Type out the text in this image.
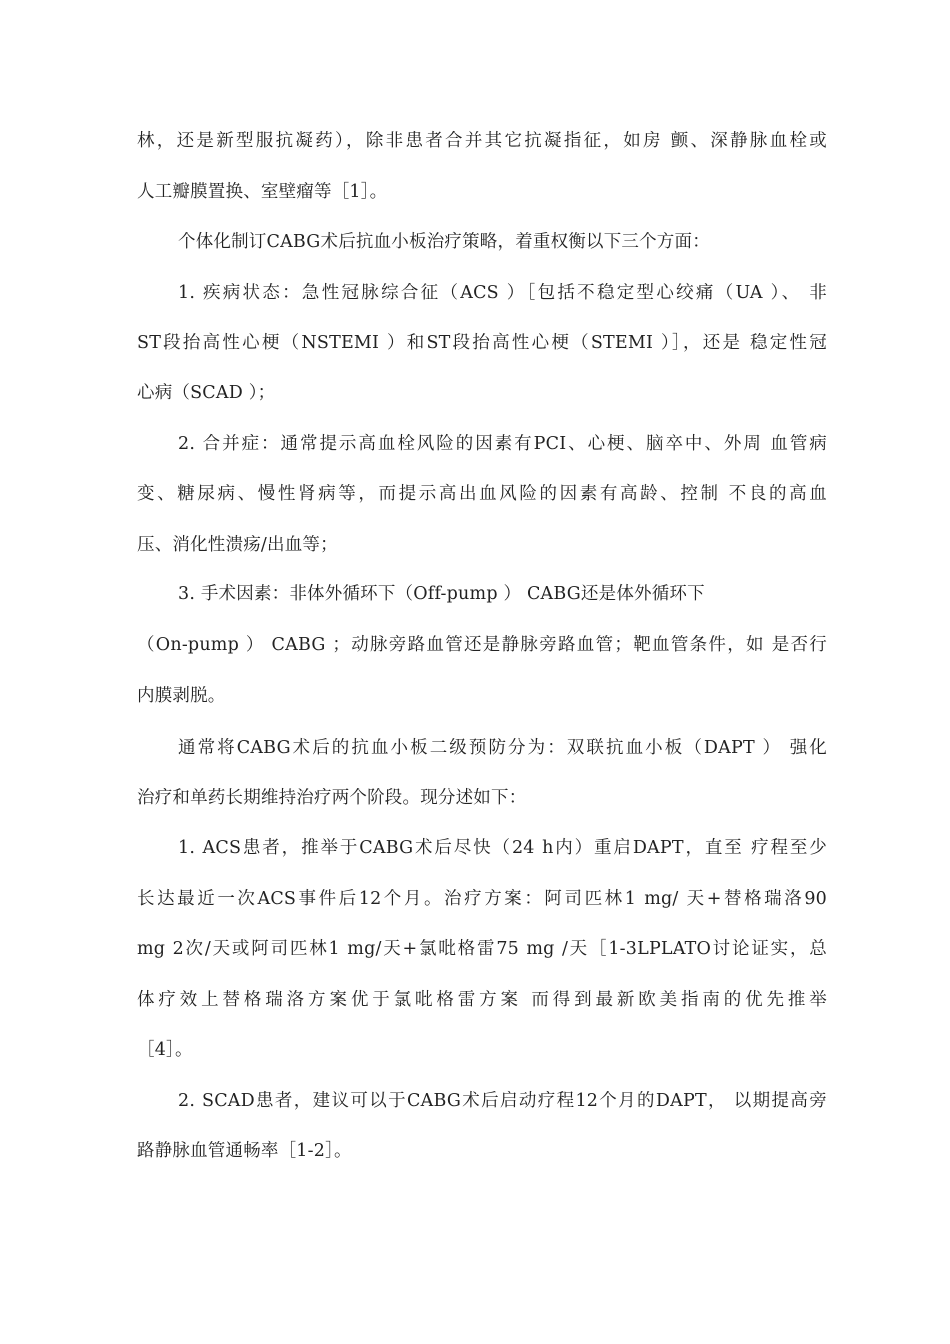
林，还是新型服抗凝药），除非患者合并其它抗凝指征，如房 颤、深静脉血栓或
人工瓣膜置换、室壁瘤等［1］。
个体化制订CABG术后抗血小板治疗策略，着重权衡以下三个方面：
1. 疾病状态：急性冠脉综合征（ACS ）［包括不稳定型心绞痛（UA ）、 非
ST段抬高性心梗（NSTEMI ）和ST段抬高性心梗（STEMI ）］，还是 稳定性冠
心病（SCAD ）；
2. 合并症：通常提示高血栓风险的因素有PCI、心梗、脑卒中、外周 血管病
变、糖尿病、慢性肾病等，而提示高出血风险的因素有高龄、控制 不良的高血
压、消化性溃疡/出血等；
3. 手术因素：非体外循环下（Off-pump ） CABG还是体外循环下
（On-pump ） CABG ；动脉旁路血管还是静脉旁路血管；靶血管条件，如 是否行
内膜剥脱。
通常将CABG术后的抗血小板二级预防分为：双联抗血小板（DAPT ） 强化
治疗和单药长期维持治疗两个阶段。现分述如下：
1. ACS患者，推举于CABG术后尽快（24 h内）重启DAPT，直至 疗程至少
长达最近一次ACS事件后12个月。治疗方案：阿司匹林1 mg/ 天+替格瑞洛90
mg 2次/天或阿司匹林1 mg/天+氯吡格雷75 mg /天［1-3LPLATO讨论证实，总
体疗效上替格瑞洛方案优于氯吡格雷方案 而得到最新欧美指南的优先推举
［4］。
2. SCAD患者，建议可以于CABG术后启动疗程12个月的DAPT， 以期提高旁
路静脉血管通畅率［1-2］。
